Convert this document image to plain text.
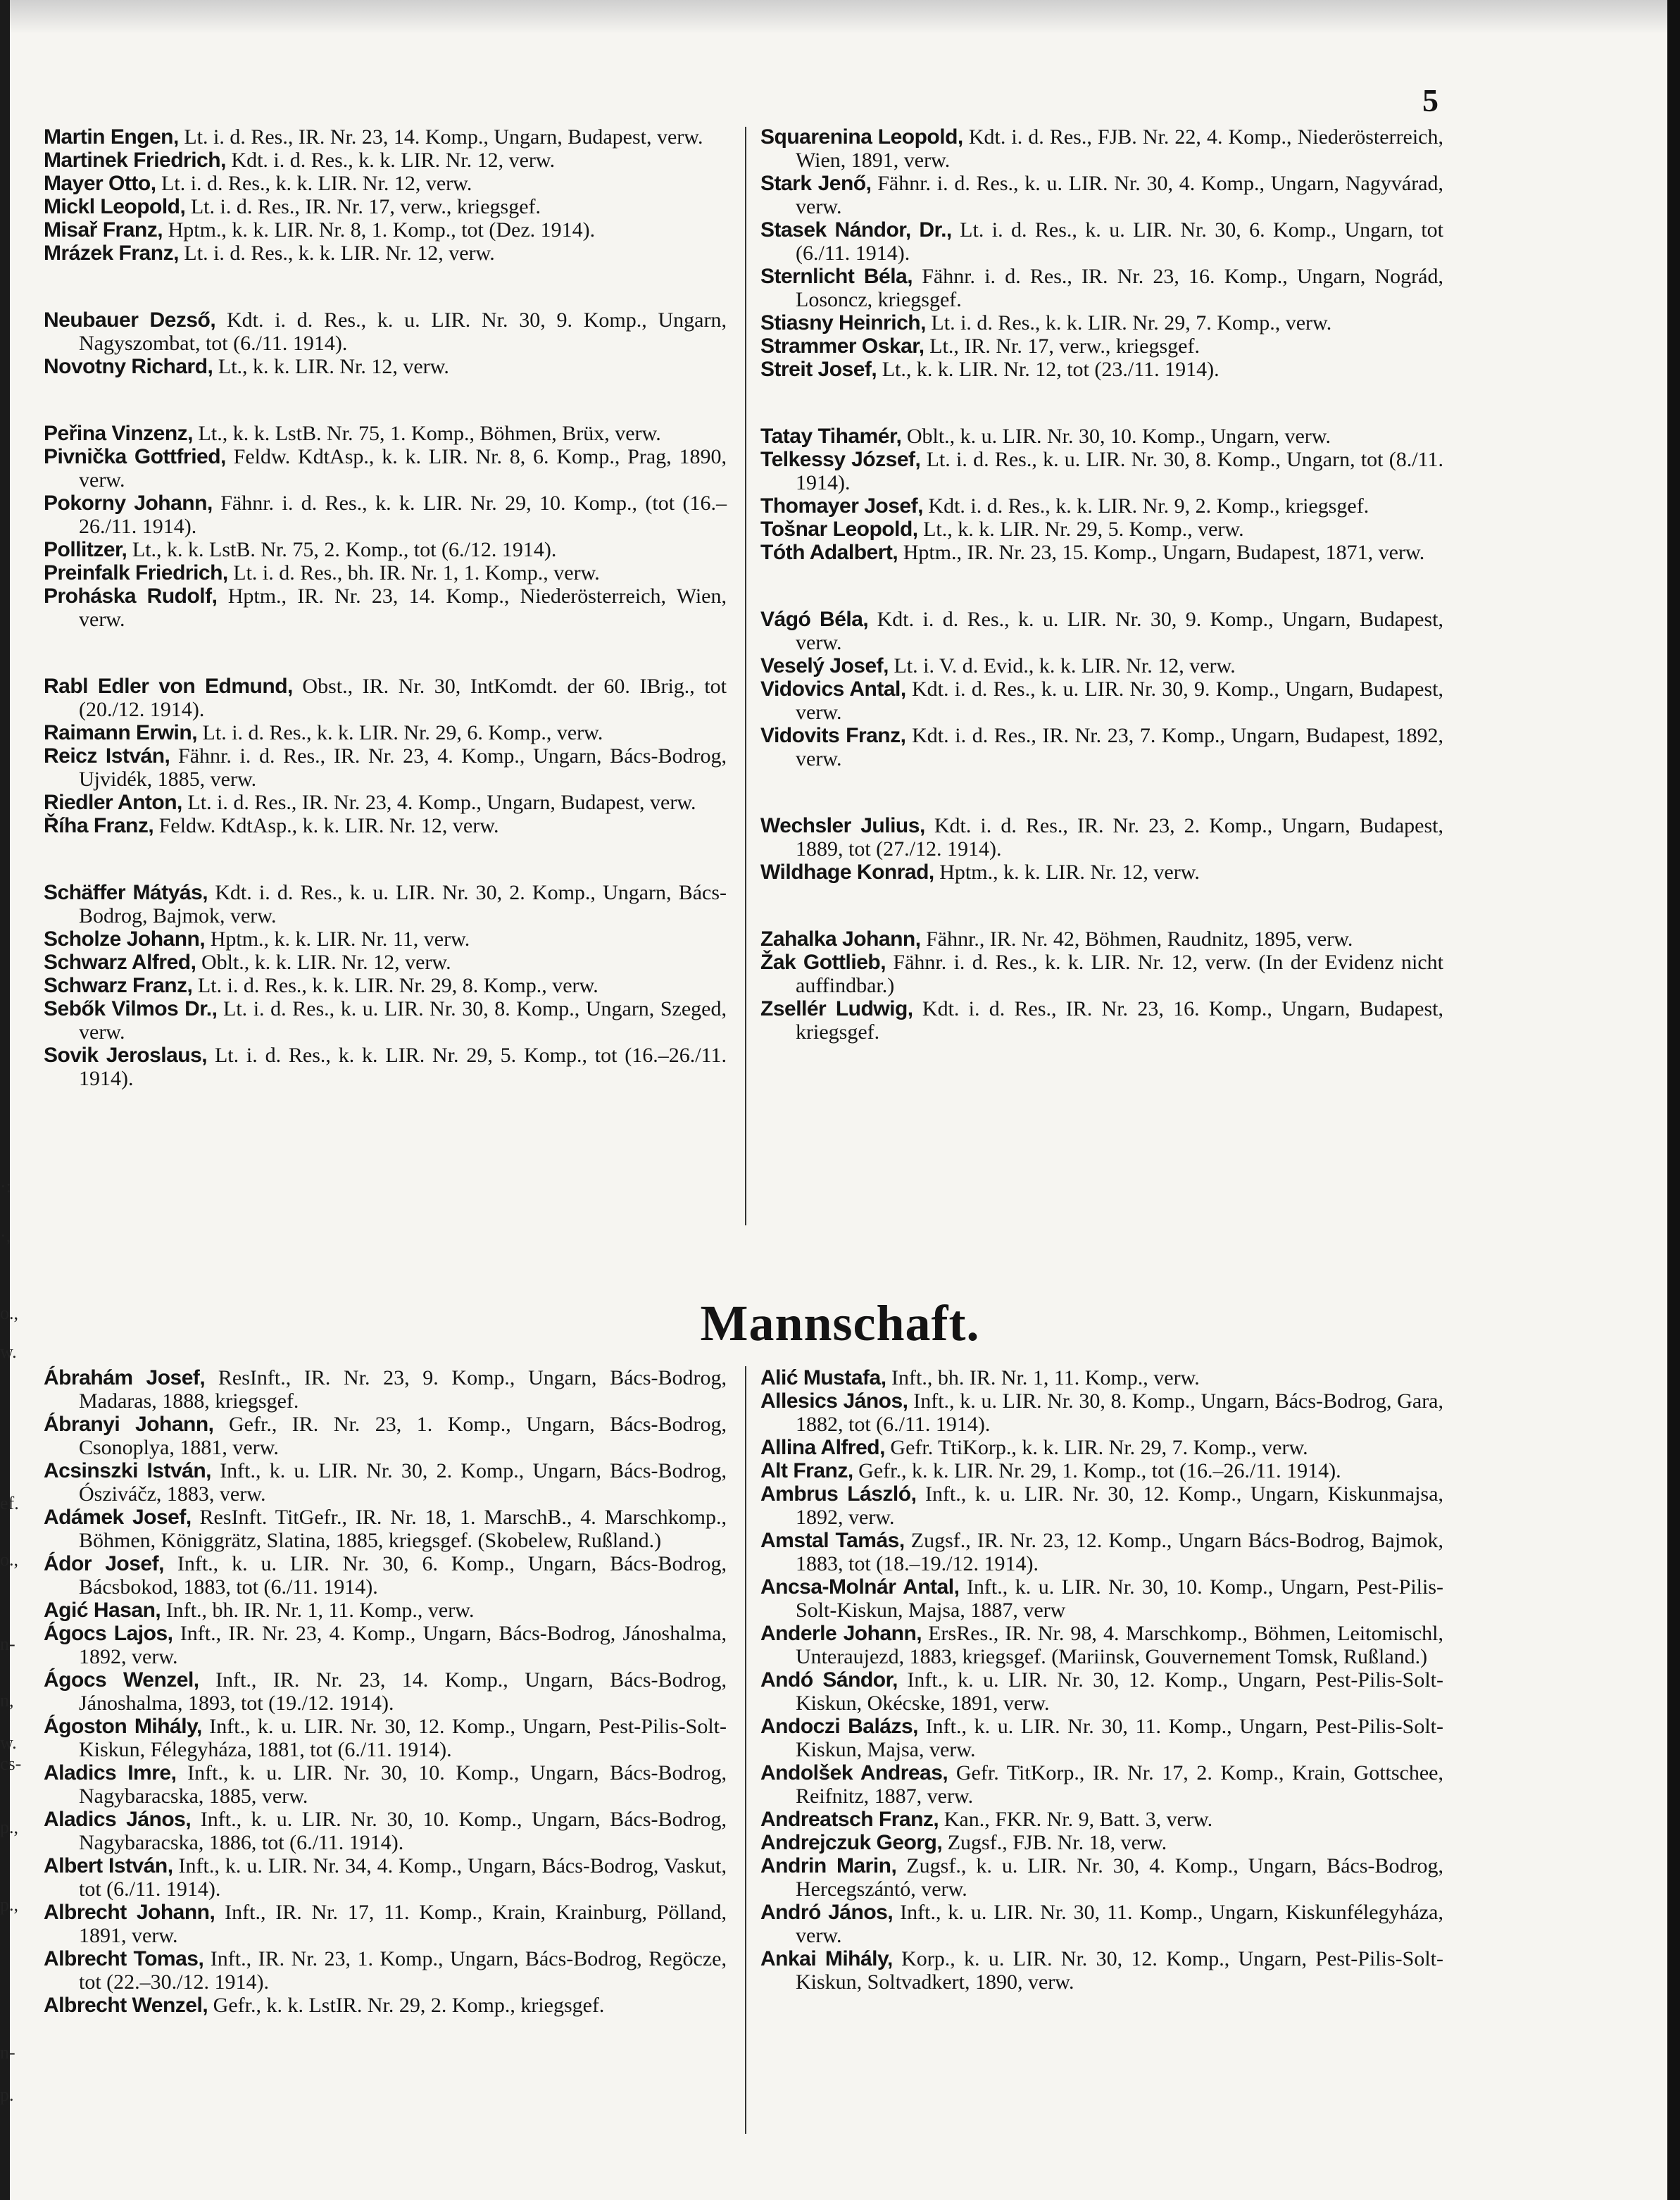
·:
·,
о.,
w.
ef.
o.,
n-
n,
w.
cs-
p.,
p.,
n-
p.
5

Martin Engen, Lt. i. d. Res., IR. Nr. 23, 14. Komp., Ungarn, Budapest, verw.

Martinek Friedrich, Kdt. i. d. Res., k. k. LIR. Nr. 12, verw.

Mayer Otto, Lt. i. d. Res., k. k. LIR. Nr. 12, verw.

Mickl Leopold, Lt. i. d. Res., IR. Nr. 17, verw., kriegsgef.

Misař Franz, Hptm., k. k. LIR. Nr. 8, 1. Komp., tot (Dez. 1914).

Mrázek Franz, Lt. i. d. Res., k. k. LIR. Nr. 12, verw.

Neubauer Dezső, Kdt. i. d. Res., k. u. LIR. Nr. 30, 9. Komp., Ungarn, Nagyszombat, tot (6./11. 1914).

Novotny Richard, Lt., k. k. LIR. Nr. 12, verw.

Peřina Vinzenz, Lt., k. k. LstB. Nr. 75, 1. Komp., Böhmen, Brüx, verw.

Pivnička Gottfried, Feldw. KdtAsp., k. k. LIR. Nr. 8, 6. Komp., Prag, 1890, verw.

Pokorny Johann, Fähnr. i. d. Res., k. k. LIR. Nr. 29, 10. Komp., (tot (16.–26./11. 1914).

Pollitzer, Lt., k. k. LstB. Nr. 75, 2. Komp., tot (6./12. 1914).

Preinfalk Friedrich, Lt. i. d. Res., bh. IR. Nr. 1, 1. Komp., verw.

Proháska Rudolf, Hptm., IR. Nr. 23, 14. Komp., Niederösterreich, Wien, verw.

Rabl Edler von Edmund, Obst., IR. Nr. 30, IntKomdt. der 60. IBrig., tot (20./12. 1914).

Raimann Erwin, Lt. i. d. Res., k. k. LIR. Nr. 29, 6. Komp., verw.

Reicz István, Fähnr. i. d. Res., IR. Nr. 23, 4. Komp., Ungarn, Bács-Bodrog, Ujvidék, 1885, verw.

Riedler Anton, Lt. i. d. Res., IR. Nr. 23, 4. Komp., Ungarn, Budapest, verw.

Říha Franz, Feldw. KdtAsp., k. k. LIR. Nr. 12, verw.

Schäffer Mátyás, Kdt. i. d. Res., k. u. LIR. Nr. 30, 2. Komp., Ungarn, Bács-Bodrog, Bajmok, verw.

Scholze Johann, Hptm., k. k. LIR. Nr. 11, verw.

Schwarz Alfred, Oblt., k. k. LIR. Nr. 12, verw.

Schwarz Franz, Lt. i. d. Res., k. k. LIR. Nr. 29, 8. Komp., verw.

Sebők Vilmos Dr., Lt. i. d. Res., k. u. LIR. Nr. 30, 8. Komp., Ungarn, Szeged, verw.

Sovik Jeroslaus, Lt. i. d. Res., k. k. LIR. Nr. 29, 5. Komp., tot (16.–26./11. 1914).

Squarenina Leopold, Kdt. i. d. Res., FJB. Nr. 22, 4. Komp., Niederösterreich, Wien, 1891, verw.

Stark Jenő, Fähnr. i. d. Res., k. u. LIR. Nr. 30, 4. Komp., Ungarn, Nagyvárad, verw.

Stasek Nándor, Dr., Lt. i. d. Res., k. u. LIR. Nr. 30, 6. Komp., Ungarn, tot (6./11. 1914).

Sternlicht Béla, Fähnr. i. d. Res., IR. Nr. 23, 16. Komp., Ungarn, Nográd, Losoncz, kriegsgef.

Stiasny Heinrich, Lt. i. d. Res., k. k. LIR. Nr. 29, 7. Komp., verw.

Strammer Oskar, Lt., IR. Nr. 17, verw., kriegsgef.

Streit Josef, Lt., k. k. LIR. Nr. 12, tot (23./11. 1914).

Tatay Tihamér, Oblt., k. u. LIR. Nr. 30, 10. Komp., Ungarn, verw.

Telkessy József, Lt. i. d. Res., k. u. LIR. Nr. 30, 8. Komp., Ungarn, tot (8./11. 1914).

Thomayer Josef, Kdt. i. d. Res., k. k. LIR. Nr. 9, 2. Komp., kriegsgef.

Tošnar Leopold, Lt., k. k. LIR. Nr. 29, 5. Komp., verw.

Tóth Adalbert, Hptm., IR. Nr. 23, 15. Komp., Ungarn, Budapest, 1871, verw.

Vágó Béla, Kdt. i. d. Res., k. u. LIR. Nr. 30, 9. Komp., Ungarn, Budapest, verw.

Veselý Josef, Lt. i. V. d. Evid., k. k. LIR. Nr. 12, verw.

Vidovics Antal, Kdt. i. d. Res., k. u. LIR. Nr. 30, 9. Komp., Ungarn, Budapest, verw.

Vidovits Franz, Kdt. i. d. Res., IR. Nr. 23, 7. Komp., Ungarn, Budapest, 1892, verw.

Wechsler Julius, Kdt. i. d. Res., IR. Nr. 23, 2. Komp., Ungarn, Budapest, 1889, tot (27./12. 1914).

Wildhage Konrad, Hptm., k. k. LIR. Nr. 12, verw.

Zahalka Johann, Fähnr., IR. Nr. 42, Böhmen, Raudnitz, 1895, verw.

Žak Gottlieb, Fähnr. i. d. Res., k. k. LIR. Nr. 12, verw. (In der Evidenz nicht auffindbar.)

Zsellér Ludwig, Kdt. i. d. Res., IR. Nr. 23, 16. Komp., Ungarn, Budapest, kriegsgef.

Mannschaft.

Ábrahám Josef, ResInft., IR. Nr. 23, 9. Komp., Ungarn, Bács-Bodrog, Madaras, 1888, kriegsgef.

Ábranyi Johann, Gefr., IR. Nr. 23, 1. Komp., Ungarn, Bács-Bodrog, Csonoplya, 1881, verw.

Acsinszki István, Inft., k. u. LIR. Nr. 30, 2. Komp., Ungarn, Bács-Bodrog, Ósziváčz, 1883, verw.

Adámek Josef, ResInft. TitGefr., IR. Nr. 18, 1. MarschB., 4. Marschkomp., Böhmen, Königgrätz, Slatina, 1885, kriegsgef. (Skobelew, Rußland.)

Ádor Josef, Inft., k. u. LIR. Nr. 30, 6. Komp., Ungarn, Bács-Bodrog, Bácsbokod, 1883, tot (6./11. 1914).

Agić Hasan, Inft., bh. IR. Nr. 1, 11. Komp., verw.

Ágocs Lajos, Inft., IR. Nr. 23, 4. Komp., Ungarn, Bács-Bodrog, Jánoshalma, 1892, verw.

Ágocs Wenzel, Inft., IR. Nr. 23, 14. Komp., Ungarn, Bács-Bodrog, Jánoshalma, 1893, tot (19./12. 1914).

Ágoston Mihály, Inft., k. u. LIR. Nr. 30, 12. Komp., Ungarn, Pest-Pilis-Solt-Kiskun, Félegyháza, 1881, tot (6./11. 1914).

Aladics Imre, Inft., k. u. LIR. Nr. 30, 10. Komp., Ungarn, Bács-Bodrog, Nagybaracska, 1885, verw.

Aladics János, Inft., k. u. LIR. Nr. 30, 10. Komp., Ungarn, Bács-Bodrog, Nagybaracska, 1886, tot (6./11. 1914).

Albert István, Inft., k. u. LIR. Nr. 34, 4. Komp., Ungarn, Bács-Bodrog, Vaskut, tot (6./11. 1914).

Albrecht Johann, Inft., IR. Nr. 17, 11. Komp., Krain, Krainburg, Pölland, 1891, verw.

Albrecht Tomas, Inft., IR. Nr. 23, 1. Komp., Ungarn, Bács-Bodrog, Regöcze, tot (22.–30./12. 1914).

Albrecht Wenzel, Gefr., k. k. LstIR. Nr. 29, 2. Komp., kriegsgef.

Alić Mustafa, Inft., bh. IR. Nr. 1, 11. Komp., verw.

Allesics János, Inft., k. u. LIR. Nr. 30, 8. Komp., Ungarn, Bács-Bodrog, Gara, 1882, tot (6./11. 1914).

Allina Alfred, Gefr. TtiKorp., k. k. LIR. Nr. 29, 7. Komp., verw.

Alt Franz, Gefr., k. k. LIR. Nr. 29, 1. Komp., tot (16.–26./11. 1914).

Ambrus László, Inft., k. u. LIR. Nr. 30, 12. Komp., Ungarn, Kiskunmajsa, 1892, verw.

Amstal Tamás, Zugsf., IR. Nr. 23, 12. Komp., Ungarn Bács-Bodrog, Bajmok, 1883, tot (18.–19./12. 1914).

Ancsa-Molnár Antal, Inft., k. u. LIR. Nr. 30, 10. Komp., Ungarn, Pest-Pilis-Solt-Kiskun, Majsa, 1887, verw

Anderle Johann, ErsRes., IR. Nr. 98, 4. Marschkomp., Böhmen, Leitomischl, Unteraujezd, 1883, kriegsgef. (Mariinsk, Gouvernement Tomsk, Rußland.)

Andó Sándor, Inft., k. u. LIR. Nr. 30, 12. Komp., Ungarn, Pest-Pilis-Solt-Kiskun, Okécske, 1891, verw.

Andoczi Balázs, Inft., k. u. LIR. Nr. 30, 11. Komp., Ungarn, Pest-Pilis-Solt-Kiskun, Majsa, verw.

Andolšek Andreas, Gefr. TitKorp., IR. Nr. 17, 2. Komp., Krain, Gottschee, Reifnitz, 1887, verw.

Andreatsch Franz, Kan., FKR. Nr. 9, Batt. 3, verw.

Andrejczuk Georg, Zugsf., FJB. Nr. 18, verw.

Andrin Marin, Zugsf., k. u. LIR. Nr. 30, 4. Komp., Ungarn, Bács-Bodrog, Hercegszántó, verw.

Andró János, Inft., k. u. LIR. Nr. 30, 11. Komp., Ungarn, Kiskunfélegyháza, verw.

Ankai Mihály, Korp., k. u. LIR. Nr. 30, 12. Komp., Ungarn, Pest-Pilis-Solt-Kiskun, Soltvadkert, 1890, verw.
